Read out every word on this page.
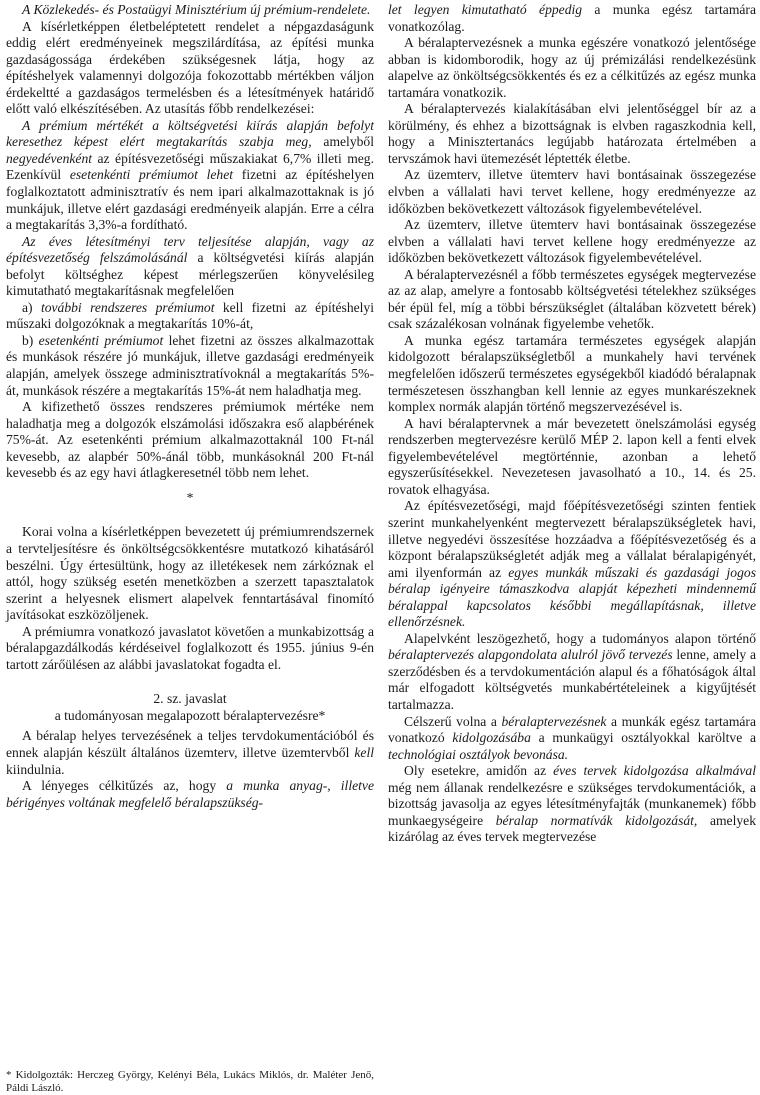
A Közlekedés- és Postaügyi Minisztérium új prémium-rendelete.

A kísérletképpen életbeléptetett rendelet a népgazdaságunk eddig elért eredményeinek megszilárdítása, az építési munka gazdaságossága érdekében szükségesnek látja, hogy az építéshelyek valamennyi dolgozója fokozottabb mértékben váljon érdekeltté a gazdaságos termelésben és a létesítmények határidő előtt való elkészítésében. Az utasítás főbb rendelkezései:

A prémium mértékét a költségvetési kiírás alapján befolyt keresethez képest elért megtakarítás szabja meg, amelyből negyedévenként az építésvezetőségi műszakiakat 6,7% illeti meg. Ezenkívül esetenkénti prémiumot lehet fizetni az építéshelyen foglalkoztatott adminisztratív és nem ipari alkalmazottaknak is jó munkájuk, illetve elért gazdasági eredményeik alapján. Erre a célra a megtakarítás 3,3%-a fordítható.

Az éves létesítményi terv teljesítése alapján, vagy az építésvezetőség felszámolásánál a költségvetési kiírás alapján befolyt költséghez képest mérlegszerűen könyvelésileg kimutatható megtakarításnak megfelelően

a) további rendszeres prémiumot kell fizetni az építéshelyi műszaki dolgozóknak a megtakarítás 10%-át,

b) esetenkénti prémiumot lehet fizetni az összes alkalmazottak és munkások részére jó munkájuk, illetve gazdasági eredményeik alapján, amelyek összege adminisztratívoknál a megtakarítás 5%-át, munkások részére a megtakarítás 15%-át nem haladhatja meg.

A kifizethető összes rendszeres prémiumok mértéke nem haladhatja meg a dolgozók elszámolási időszakra eső alapbérének 75%-át. Az esetenkénti prémium alkalmazottaknál 100 Ft-nál kevesebb, az alapbér 50%-ánál több, munkásoknál 200 Ft-nál kevesebb és az egy havi átlagkeresetnél több nem lehet.

*

Korai volna a kísérletképpen bevezetett új prémiumrendszernek a tervteljesítésre és önköltségcsökkentésre mutatkozó kihatásáról beszélni. Úgy értesültünk, hogy az illetékesek nem zárkóznak el attól, hogy szükség esetén menetközben a szerzett tapasztalatok szerint a helyesnek elismert alapelvek fenntartásával finomító javításokat eszközöljenek.

A prémiumra vonatkozó javaslatot követően a munkabizottság a béralapgazdálkodás kérdéseivel foglalkozott és 1955. június 9-én tartott zárőülésen az alábbi javaslatokat fogadta el.

2. sz. javaslat
a tudományosan megalapozott béralaptervezésre*

A béralap helyes tervezésének a teljes tervdokumentációból és ennek alapján készült általános üzemterv, illetve üzemtervből kell kiindulnia.

A lényeges célkitűzés az, hogy a munka anyag-, illetve bérigényes voltának megfelelő béralapszükség-

* Kidolgozták: Herczeg György, Kelényi Béla, Lukács Miklós, dr. Maléter Jenő, Páldi László.

let legyen kimutatható éppedig a munka egész tartamára vonatkozólag.

A béralaptervezésnek a munka egészére vonatkozó jelentősége abban is kidomborodik, hogy az új prémizálási rendelkezésünk alapelve az önköltségcsökkentés és ez a célkitűzés az egész munka tartamára vonatkozik.

A béralaptervezés kialakításában elvi jelentőséggel bír az a körülmény, és ehhez a bizottságnak is elvben ragaszkodnia kell, hogy a Minisztertanács legújabb határozata értelmében a tervszámok havi ütemezését léptették életbe.

Az üzemterv, illetve ütemterv havi bontásainak összegezése elvben a vállalati havi tervet kellene, hogy eredményezze az időközben bekövetkezett változások figyelembevételével.

Az üzemterv, illetve ütemterv havi bontásainak összegezése elvben a vállalati havi tervet kellene hogy eredményezze az időközben bekövetkezett változások figyelembevételével.

A béralaptervezésnél a főbb természetes egységek megtervezése az az alap, amelyre a fontosabb költségvetési tételekhez szükséges bér épül fel, míg a többi bérszükséglet (általában közvetett bérek) csak százalékosan volnának figyelembe vehetők.

A munka egész tartamára természetes egységek alapján kidolgozott béralapszükségletből a munkahely havi tervének megfelelően időszerű természetes egységekből kiadódó béralapnak természetesen összhangban kell lennie az egyes munkarészeknek komplex normák alapján történő megszervezésével is.

A havi béralaptervnek a már bevezetett önelszámolási egység rendszerben megtervezésre kerülő MÉP 2. lapon kell a fenti elvek figyelembevételével megtörténnie, azonban a lehető egyszerűsítésekkel. Nevezetesen javasolható a 10., 14. és 25. rovatok elhagyása.

Az építésvezetőségi, majd főépítésvezetőségi szinten fentiek szerint munkahelyenként megtervezett béralapszükségletek havi, illetve negyedévi összesítése hozzáadva a főépítésvezetőség és a központ béralapszükségletét adják meg a vállalat béralapigényét, ami ilyenformán az egyes munkák műszaki és gazdasági jogos béralap igényeire támaszkodva alapját képezheti mindennemű béralappal kapcsolatos későbbi megállapításnak, illetve ellenőrzésnek.

Alapelvként leszögezhető, hogy a tudományos alapon történő béralaptervezés alapgondolata alulról jövő tervezés lenne, amely a szerződésben és a tervdokumentáción alapul és a főhatóságok által már elfogadott költségvetés munkabértételeinek a kigyűjtését tartalmazza.

Célszerű volna a béralaptervezésnek a munkák egész tartamára vonatkozó kidolgozásába a munkaügyi osztályokkal karöltve a technológiai osztályok bevonása.

Oly esetekre, amidőn az éves tervek kidolgozása alkalmával még nem állanak rendelkezésre e szükséges tervdokumentációk, a bizottság javasolja az egyes létesítményfajták (munkanemek) főbb munkaegységeire béralap normatívák kidolgozását, amelyek kizárólag az éves tervek megtervezése
